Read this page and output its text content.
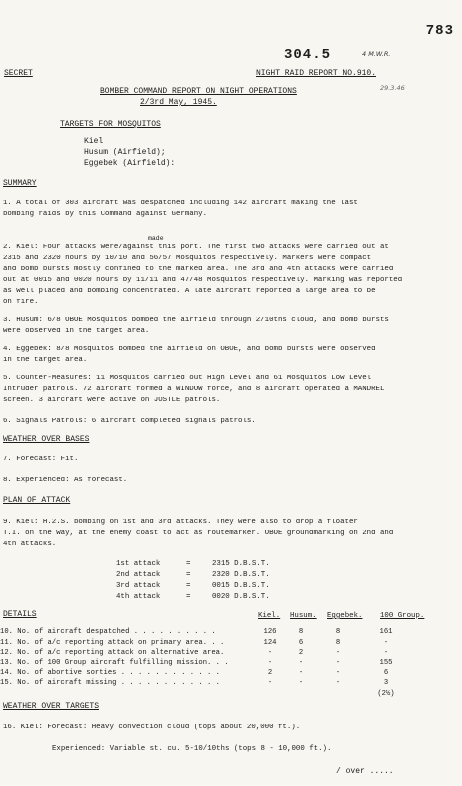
783
304.5	4 M.W.R.
SECRET	NIGHT RAID REPORT NO.910.
29.3.46
BOMBER COMMAND REPORT ON NIGHT OPERATIONS
2/3rd May, 1945.
TARGETS FOR MOSQUITOS
Kiel
Husum (Airfield);
Eggebek (Airfield):
SUMMARY
1. A total of 303 aircraft was despatched including 142 aircraft making the last
bombing raids by this Command against Germany.
made
2. Kiel: Four attacks were/against this port. The first two attacks were carried out at
2315 and 2320 hours by 10/10 and 56/57 Mosquitos respectively. Markers were compact
and bomb bursts mostly confined to the marked area. The 3rd and 4th attacks were carried
out at 0015 and 0020 hours by 11/11 and 47/48 Mosquitos respectively. Marking was reported
as well placed and bombing concentrated. A late aircraft reported a large area to be
on fire.
3. Husum: 6/8 OBOE Mosquitos bombed the airfield through 2/10ths cloud, and bomb bursts
were observed in the target area.
4. Eggebek: 8/8 Mosquitos bombed the airfield on OBOE, and bomb bursts were observed
in the target area.
5. Counter-Measures: 11 Mosquitos carried out High Level and 61 Mosquitos Low Level
Intruder patrols. 72 aircraft formed a WINDOW force, and 8 aircraft operated a MANDREL
screen. 3 aircraft were active on JOSTLE patrols.
6. Signals Patrols: 6 aircraft completed signals patrols.
WEATHER OVER BASES
7. Forecast: Fit.
8. Experienced: As forecast.
PLAN OF ATTACK
9. Kiel: H.2.S. bombing on 1st and 3rd attacks. They were also to drop a floater
T.I. on the way, at the enemy coast to act as routemarker. OBOE groundmarking on 2nd and
4th attacks.
1st attack	=	2315 D.B.S.T.
2nd attack	=	2320 D.B.S.T.
3rd attack	=	0015 D.B.S.T.
4th attack	=	0020 D.B.S.T.
DETAILS	Kiel. Husum. Eggebek. 100 Group.
10. No. of aircraft despatched . . . . . . . . . .	126	8	8	161
11. No. of a/c reporting attack on primary area. . .	124	6	8	-
12. No. of a/c reporting attack on alternative area.	-	2	-	-
13. No. of 100 Group aircraft fulfilling mission. . .	-	-	-	155
14. No. of abortive sorties . . . . . . . . . . . .	2	-	-	6
15. No. of aircraft missing . . . . . . . . . . . .	-	-	-	3
				(2½)
WEATHER OVER TARGETS
16. Kiel: Forecast: Heavy convection cloud (tops about 20,000 ft.).
Experienced: Variable st. cu. 5-10/10ths (tops 8 - 10,000 ft.).
/ over .....
